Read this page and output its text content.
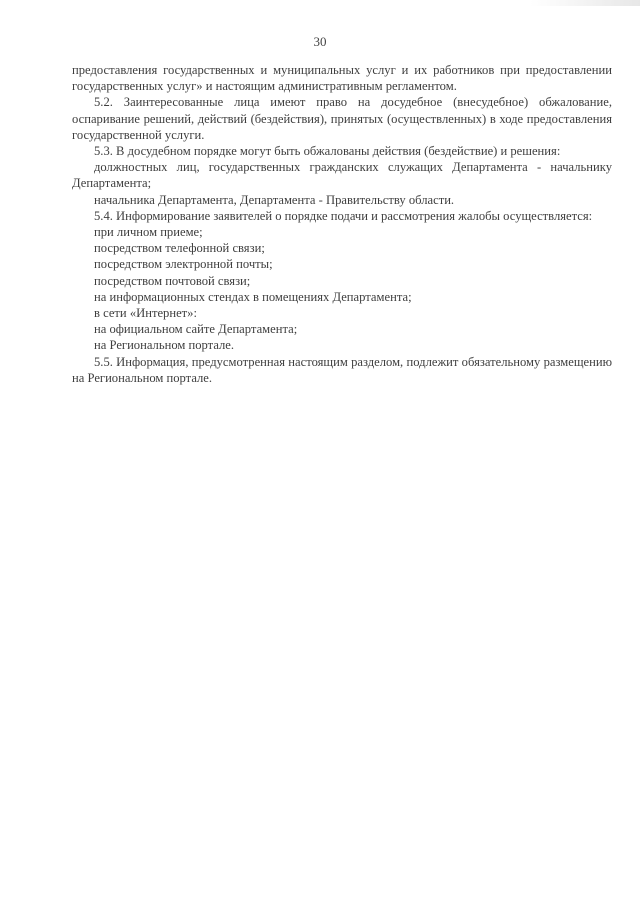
30

предоставления государственных и муниципальных услуг и их работников при предоставлении государственных услуг» и настоящим административным регламентом.

5.2. Заинтересованные лица имеют право на досудебное (внесудебное) обжалование, оспаривание решений, действий (бездействия), принятых (осуществленных) в ходе предоставления государственной услуги.

5.3. В досудебном порядке могут быть обжалованы действия (бездействие) и решения:

должностных лиц, государственных гражданских служащих Департамента - начальнику Департамента;

начальника Департамента, Департамента - Правительству области.

5.4. Информирование заявителей о порядке подачи и рассмотрения жалобы осуществляется:

при личном приеме;

посредством телефонной связи;

посредством электронной почты;

посредством почтовой связи;

на информационных стендах в помещениях Департамента;

в сети «Интернет»:

на официальном сайте Департамента;

на Региональном портале.

5.5. Информация, предусмотренная настоящим разделом, подлежит обязательному размещению на Региональном портале.
